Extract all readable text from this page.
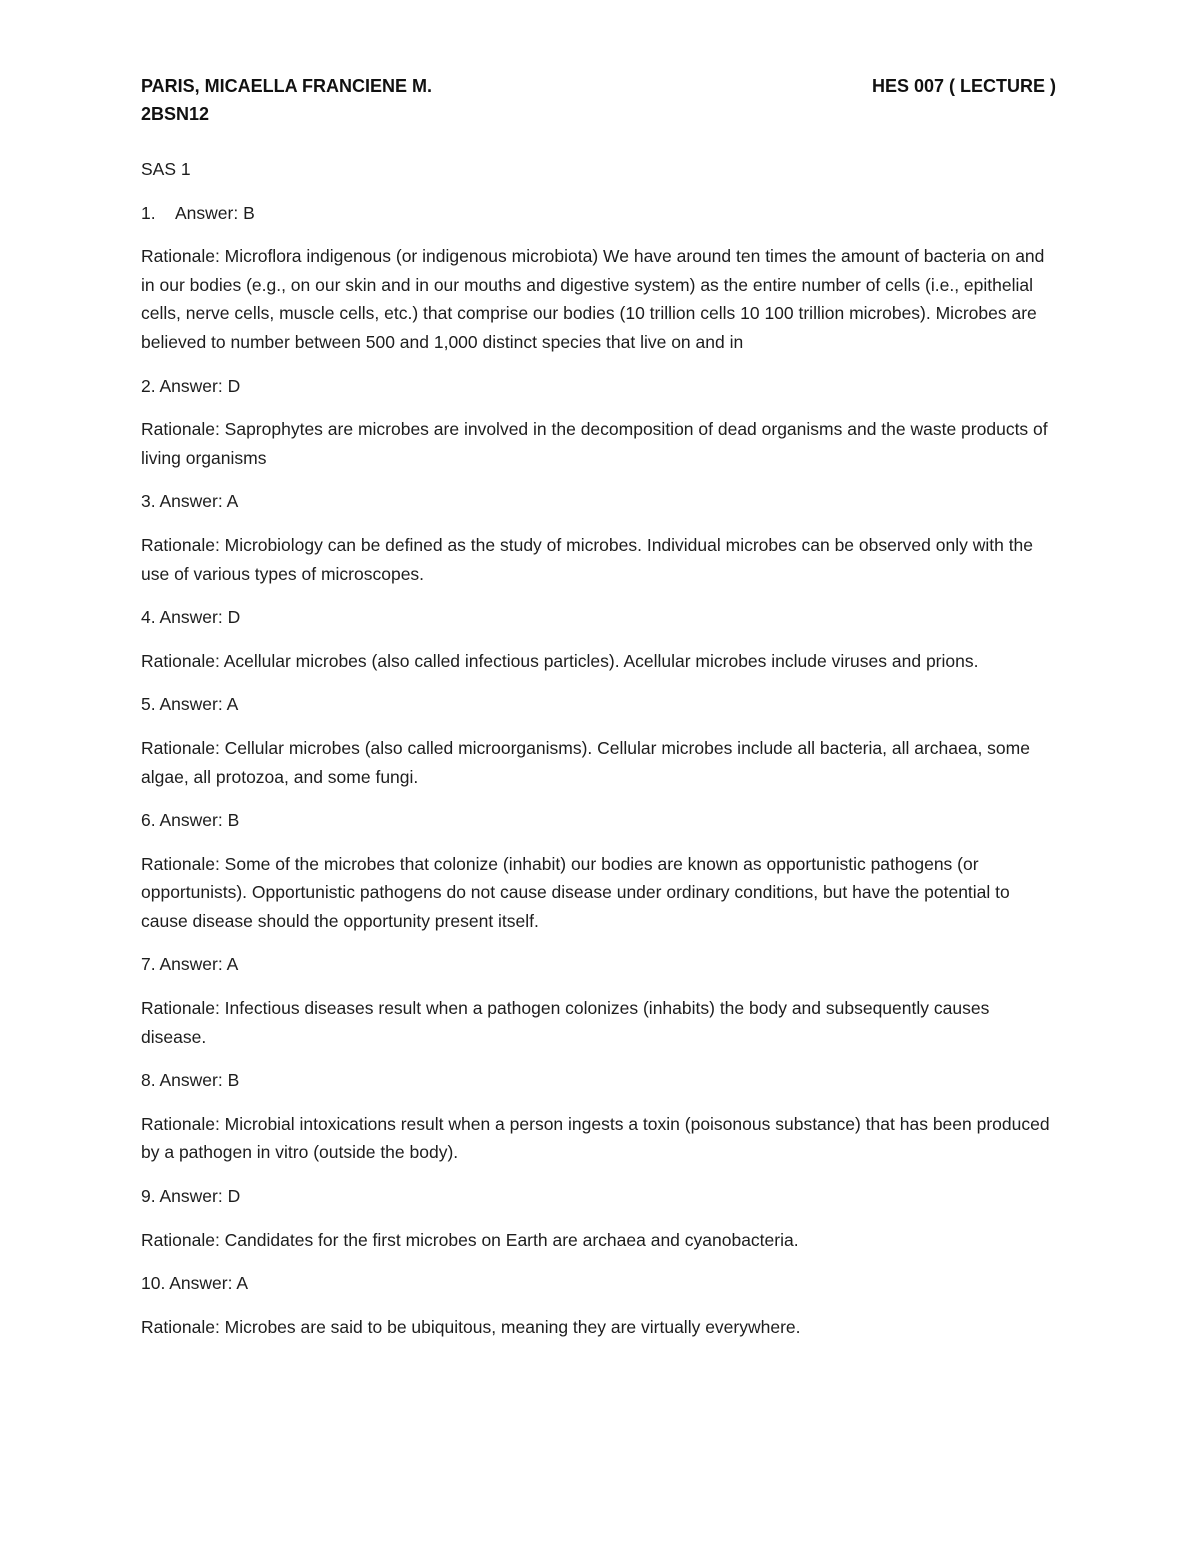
PARIS, MICAELLA FRANCIENE M.	HES 007 ( LECTURE )
2BSN12
SAS 1
1. Answer: B
Rationale: Microflora indigenous (or indigenous microbiota) We have around ten times the amount of bacteria on and in our bodies (e.g., on our skin and in our mouths and digestive system) as the entire number of cells (i.e., epithelial cells, nerve cells, muscle cells, etc.) that comprise our bodies (10 trillion cells 10 100 trillion microbes). Microbes are believed to number between 500 and 1,000 distinct species that live on and in
2. Answer: D
Rationale: Saprophytes are microbes are involved in the decomposition of dead organisms and the waste products of living organisms
3. Answer: A
Rationale: Microbiology can be defined as the study of microbes. Individual microbes can be observed only with the use of various types of microscopes.
4. Answer: D
Rationale: Acellular microbes (also called infectious particles). Acellular microbes include viruses and prions.
5. Answer: A
Rationale: Cellular microbes (also called microorganisms). Cellular microbes include all bacteria, all archaea, some algae, all protozoa, and some fungi.
6. Answer: B
Rationale: Some of the microbes that colonize (inhabit) our bodies are known as opportunistic pathogens (or opportunists). Opportunistic pathogens do not cause disease under ordinary conditions, but have the potential to cause disease should the opportunity present itself.
7. Answer: A
Rationale: Infectious diseases result when a pathogen colonizes (inhabits) the body and subsequently causes disease.
8. Answer: B
Rationale: Microbial intoxications result when a person ingests a toxin (poisonous substance) that has been produced by a pathogen in vitro (outside the body).
9. Answer: D
Rationale: Candidates for the first microbes on Earth are archaea and cyanobacteria.
10. Answer: A
Rationale: Microbes are said to be ubiquitous, meaning they are virtually everywhere.
